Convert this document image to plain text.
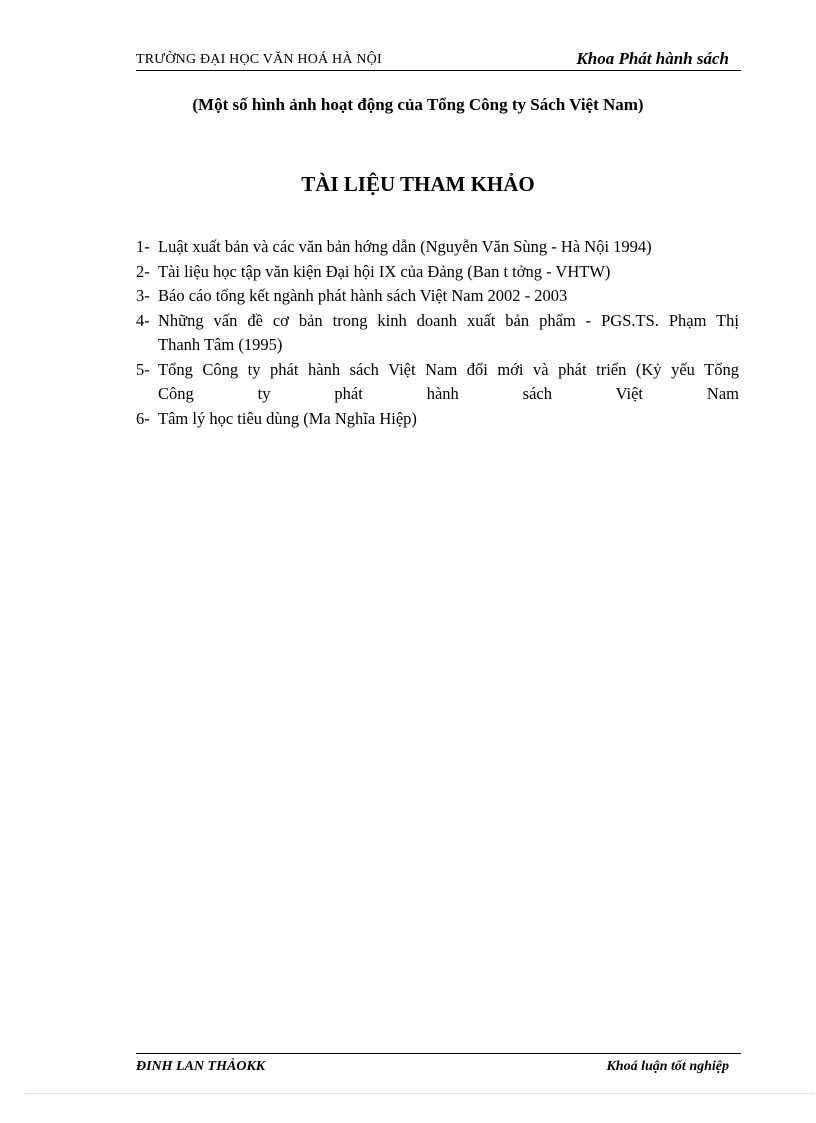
TRƯỜNG ĐẠI HỌC VĂN HOÁ HÀ NỘI	Khoa Phát hành sách
(Một số hình ảnh hoạt động của Tổng Công ty Sách Việt Nam)
TÀI LIỆU THAM KHẢO
1- Luật xuất bản và các văn bản hớng dẫn (Nguyễn Văn Sùng - Hà Nội 1994)
2- Tài liệu học tập văn kiện Đại hội IX của Đảng (Ban t tởng - VHTW)
3- Báo cáo tổng kết ngành phát hành sách Việt Nam 2002 - 2003
4- Những vấn đề cơ bản trong kinh doanh xuất bản phẩm - PGS.TS. Phạm Thị
Thanh Tâm (1995)
5- Tổng Công ty phát hành sách Việt Nam đổi mới và phát triển (Kỷ yếu Tổng
Công ty phát hành sách Việt Nam
6- Tâm lý học tiêu dùng (Ma Nghĩa Hiệp)
ĐINH LAN THẢOKK	Khoá luận tốt nghiệp
